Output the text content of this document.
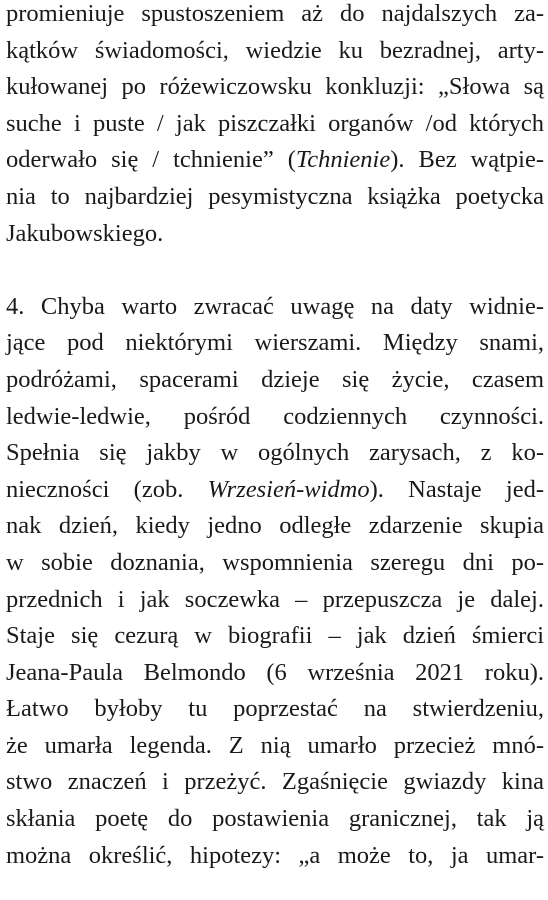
promieniuje spustoszeniem aż do najdalszych za-
kątków świadomości, wiedzie ku bezradnej, arty-
kułowanej po różewiczowsku konkluzji: „Słowa są
suche i puste / jak piszczałki organów /od których
oderwało się / tchnienie” (Tchnienie). Bez wątpie-
nia to najbardziej pesymistyczna książka poetycka
Jakubowskiego.
4. Chyba warto zwracać uwagę na daty widnie-
jące pod niektórymi wierszami. Między snami,
podróżami, spacerami dzieje się życie, czasem
ledwie-ledwie, pośród codziennych czynności.
Spełnia się jakby w ogólnych zarysach, z ko-
nieczności (zob. Wrzesień-widmo). Nastaje jed-
nak dzień, kiedy jedno odległe zdarzenie skupia
w sobie doznania, wspomnienia szeregu dni po-
przednich i jak soczewka – przepuszcza je dalej.
Staje się cezurą w biografii – jak dzień śmierci
Jeana-Paula Belmondo (6 września 2021 roku).
Łatwo byłoby tu poprzestać na stwierdzeniu,
że umarła legenda. Z nią umarło przecież mnó-
stwo znaczeń i przeżyć. Zgaśnięcie gwiazdy kina
skłania poetę do postawienia granicznej, tak ją
można określić, hipotezy: „a może to, ja umar-
